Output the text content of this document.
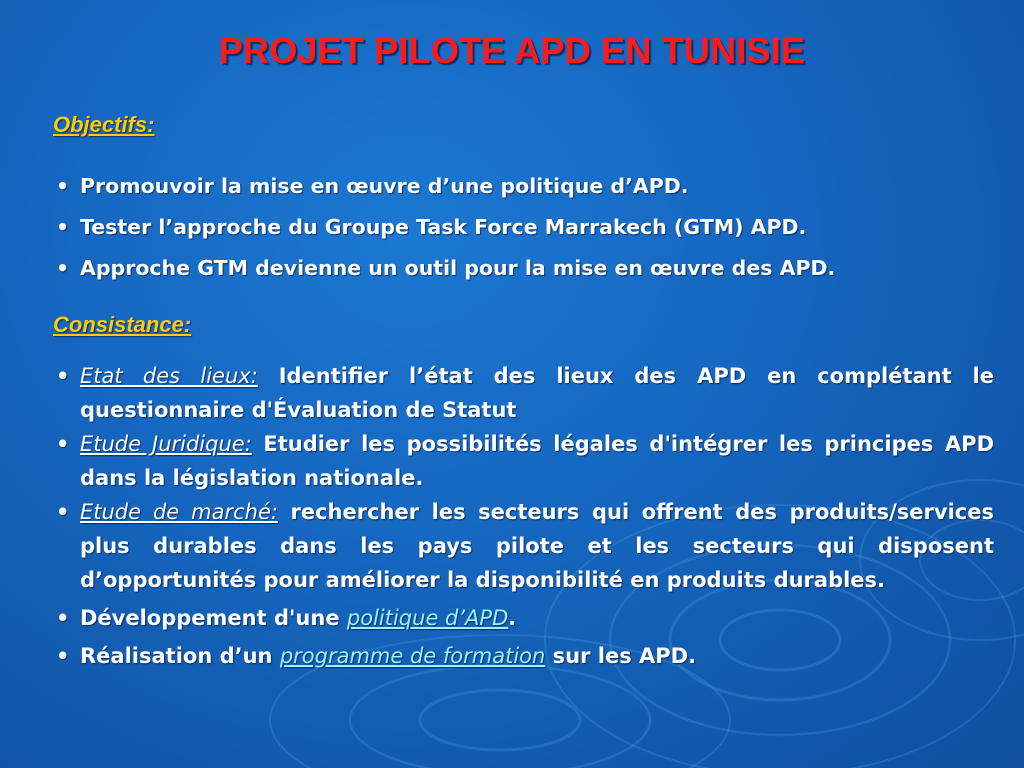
PROJET PILOTE APD EN TUNISIE
Objectifs:
• Promouvoir la mise en œuvre d’une politique d’APD.
• Tester l’approche du Groupe Task Force Marrakech (GTM) APD.
• Approche GTM devienne un outil pour la mise en œuvre des APD.
Consistance:
• Etat des lieux: Identifier l’état des lieux des APD en complétant le questionnaire d'Évaluation de Statut
• Etude Juridique: Etudier les possibilités légales d'intégrer les principes APD dans la législation nationale.
• Etude de marché: rechercher les secteurs qui offrent des produits/services plus durables dans les pays pilote et les secteurs qui disposent d’opportunités pour améliorer la disponibilité en produits durables.
• Développement d'une politique d’APD.
• Réalisation d’un programme de formation sur les APD.
